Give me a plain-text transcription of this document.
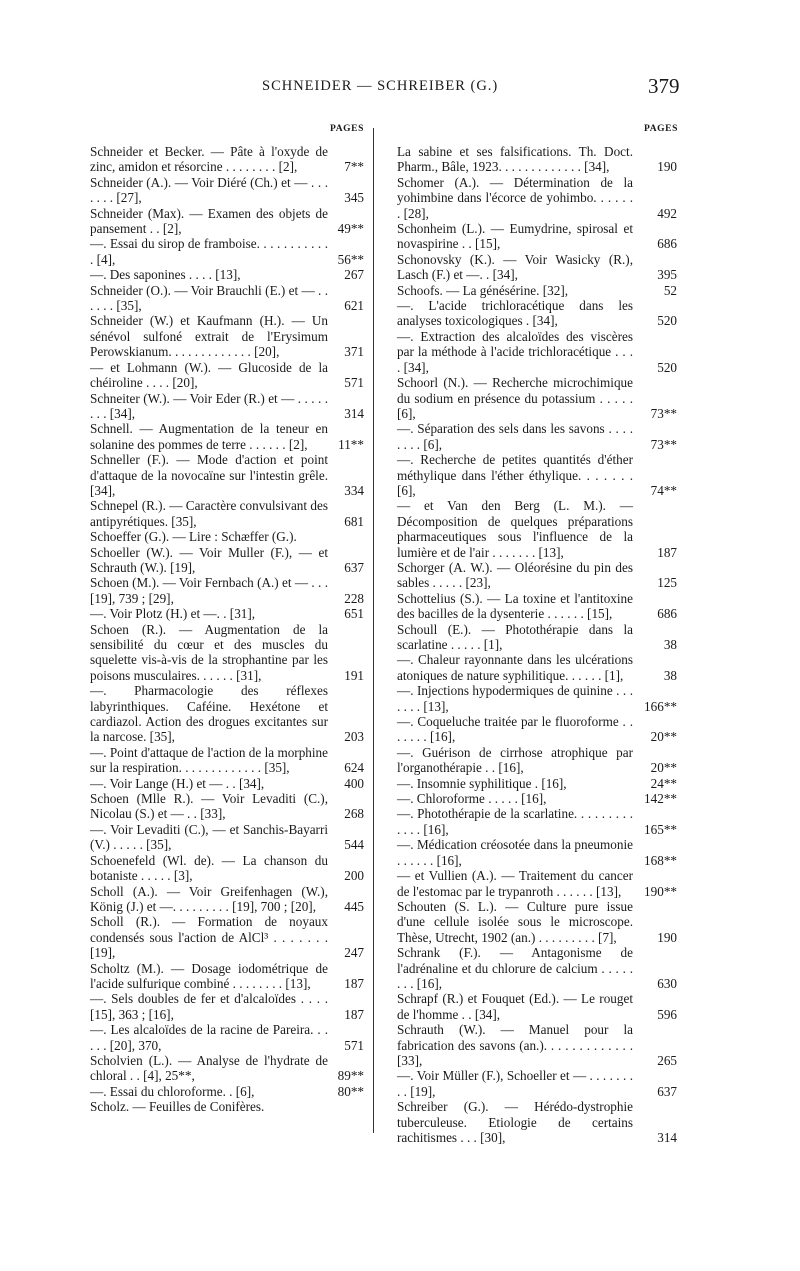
SCHNEIDER — SCHREIBER (G.)	379
PAGES	PAGES
Schneider et Becker. — Pâte à l'oxyde de zinc, amidon et résorcine . . . . . . . . [2],	7**
Schneider (A.). — Voir Diéré (Ch.) et — . . . . . . . [27],	345
Schneider (Max). — Examen des objets de pansement . . [2],	49**
—. Essai du sirop de framboise. . . . . . . . . . . . [4],	56**
—. Des saponines . . . . [13],	267
Schneider (O.). — Voir Brauchli (E.) et — . . . . . . [35],	621
Schneider (W.) et Kaufmann (H.). — Un sénévol sulfoné extrait de l'Erysimum Perowskianum. . . . . . . . . . . . . [20],	371
— et Lohmann (W.). — Glucoside de la chéiroline . . . . [20],	571
Schneiter (W.). — Voir Eder (R.) et — . . . . . . . . [34],	314
Schnell. — Augmentation de la teneur en solanine des pommes de terre . . . . . . [2],	11**
Schneller (F.). — Mode d'action et point d'attaque de la novocaïne sur l'intestin grêle. [34],	334
Schnepel (R.). — Caractère convulsivant des antipyrétiques. [35],	681
Schoeffer (G.). — Lire : Schæffer (G.).
Schoeller (W.). — Voir Muller (F.), — et Schrauth (W.). [19],	637
Schoen (M.). — Voir Fernbach (A.) et — . . . [19], 739 ; [29],	228
—. Voir Plotz (H.) et —. . [31],	651
Schoen (R.). — Augmentation de la sensibilité du cœur et des muscles du squelette vis-à-vis de la strophantine par les poisons musculaires. . . . . . [31],	191
—. Pharmacologie des réflexes labyrinthiques. Caféine. Hexétone et cardiazol. Action des drogues excitantes sur la narcose. [35],	203
—. Point d'attaque de l'action de la morphine sur la respiration. . . . . . . . . . . . . [35],	624
—. Voir Lange (H.) et — . . [34],	400
Schoen (Mlle R.). — Voir Levaditi (C.), Nicolau (S.) et — . . [33],	268
—. Voir Levaditi (C.), — et Sanchis-Bayarri (V.) . . . . . [35],	544
Schoenefeld (Wl. de). — La chanson du botaniste . . . . . [3],	200
Scholl (A.). — Voir Greifenhagen (W.), König (J.) et —. . . . . . . . . [19], 700 ; [20],	445
Scholl (R.). — Formation de noyaux condensés sous l'action de AlCl³ . . . . . . . [19],	247
Scholtz (M.). — Dosage iodométrique de l'acide sulfurique combiné . . . . . . . . [13],	187
—. Sels doubles de fer et d'alcaloïdes . . . . [15], 363 ; [16],	187
—. Les alcaloïdes de la racine de Pareira. . . . . . [20], 370,	571
Scholvien (L.). — Analyse de l'hydrate de chloral . . [4], 25**,	89**
—. Essai du chloroforme. . [6],	80**
Scholz. — Feuilles de Conifères.
La sabine et ses falsifications. Th. Doct. Pharm., Bâle, 1923. . . . . . . . . . . . . [34],	190
Schomer (A.). — Détermination de la yohimbine dans l'écorce de yohimbo. . . . . . . [28],	492
Schonheim (L.). — Eumydrine, spirosal et novaspirine . . [15],	686
Schonovsky (K.). — Voir Wasicky (R.), Lasch (F.) et —. . [34],	395
Schoofs. — La génésérine. [32],	52
—. L'acide trichloracétique dans les analyses toxicologiques . [34],	520
—. Extraction des alcaloïdes des viscères par la méthode à l'acide trichloracétique . . . . [34],	520
Schoorl (N.). — Recherche microchimique du sodium en présence du potassium . . . . . [6],	73**
—. Séparation des sels dans les savons . . . . . . . . [6],	73**
—. Recherche de petites quantités d'éther méthylique dans l'éther éthylique. . . . . . . [6],	74**
— et Van den Berg (L. M.). — Décomposition de quelques préparations pharmaceutiques sous l'influence de la lumière et de l'air . . . . . . . [13],	187
Schorger (A. W.). — Oléorésine du pin des sables . . . . . [23],	125
Schottelius (S.). — La toxine et l'antitoxine des bacilles de la dysenterie . . . . . . [15],	686
Schoull (E.). — Photothérapie dans la scarlatine . . . . . [1],	38
—. Chaleur rayonnante dans les ulcérations atoniques de nature syphilitique. . . . . . [1],	38
—. Injections hypodermiques de quinine . . . . . . . [13],	166**
—. Coqueluche traitée par le fluoroforme . . . . . . . [16],	20**
—. Guérison de cirrhose atrophique par l'organothérapie . . [16],	20**
—. Insomnie syphilitique . [16],	24**
—. Chloroforme . . . . . [16],	142**
—. Photothérapie de la scarlatine. . . . . . . . . . . . . [16],	165**
—. Médication créosotée dans la pneumonie . . . . . . [16],	168**
— et Vullien (A.). — Traitement du cancer de l'estomac par le trypanroth . . . . . . [13],	190**
Schouten (S. L.). — Culture pure issue d'une cellule isolée sous le microscope. Thèse, Utrecht, 1902 (an.) . . . . . . . . . [7],	190
Schrank (F.). — Antagonisme de l'adrénaline et du chlorure de calcium . . . . . . . . [16],	630
Schrapf (R.) et Fouquet (Ed.). — Le rouget de l'homme . . [34],	596
Schrauth (W.). — Manuel pour la fabrication des savons (an.). . . . . . . . . . . . . [33],	265
—. Voir Müller (F.), Schoeller et — . . . . . . . . . [19],	637
Schreiber (G.). — Hérédo-dystrophie tuberculeuse. Etiologie de certains rachitismes . . . [30],	314
